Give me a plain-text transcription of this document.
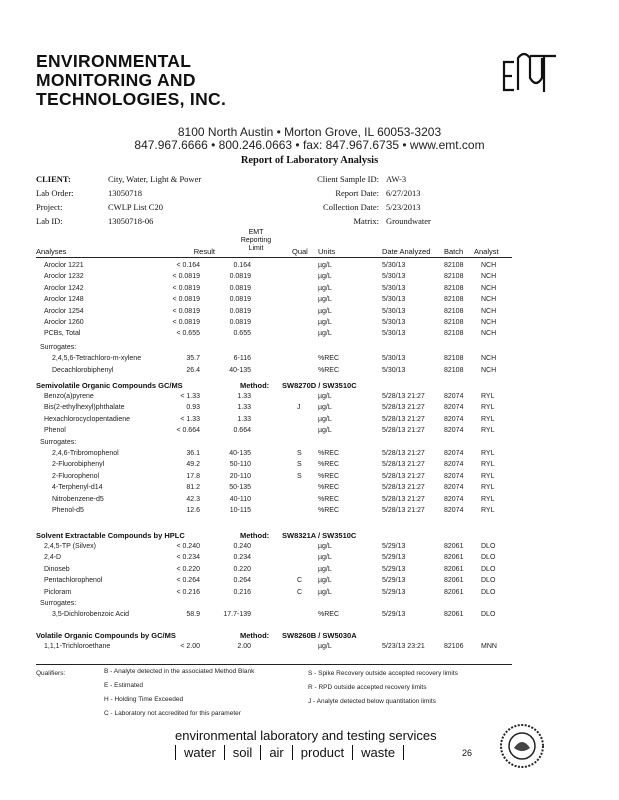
ENVIRONMENTAL
MONITORING AND
TECHNOLOGIES, INC.
8100 North Austin • Morton Grove, IL 60053-3203
847.967.6666 • 800.246.0663 • fax: 847.967.6735 • www.emt.com
Report of Laboratory Analysis
CLIENT:	City, Water, Light & Power
Lab Order:	13050718
Project:	CWLP List C20
Lab ID:	13050718-06
Client Sample ID: AW-3
Report Date: 6/27/2013
Collection Date: 5/23/2013
Matrix: Groundwater
Analyses	Result
EMT
Reporting
Limit	Qual Units	Date Analyzed Batch Analyst
Aroclor 1221	< 0.164	0.164	µg/L	5/30/13	82108	NCH
Aroclor 1232	< 0.0819	0.0819	µg/L	5/30/13	82108	NCH
Aroclor 1242	< 0.0819	0.0819	µg/L	5/30/13	82108	NCH
Aroclor 1248	< 0.0819	0.0819	µg/L	5/30/13	82108	NCH
Aroclor 1254	< 0.0819	0.0819	µg/L	5/30/13	82108	NCH
Aroclor 1260	< 0.0819	0.0819	µg/L	5/30/13	82108	NCH
PCBs, Total	< 0.655	0.655	µg/L	5/30/13	82108	NCH
Surrogates:
2,4,5,6-Tetrachloro-m-xylene	35.7	6-116	%REC	5/30/13	82108	NCH
Decachlorobiphenyl	26.4	40-135	%REC	5/30/13	82108	NCH
Semivolatile Organic Compounds GC/MS	Method: SW8270D / SW3510C
Benzo(a)pyrene	< 1.33	1.33	µg/L	5/28/13 21:27	82074	RYL
Bis(2-ethylhexyl)phthalate	0.93	1.33	J	µg/L	5/28/13 21:27	82074	RYL
Hexachlorocyclopentadiene	< 1.33	1.33	µg/L	5/28/13 21:27	82074	RYL
Phenol	< 0.664	0.664	µg/L	5/28/13 21:27	82074	RYL
Surrogates:
2,4,6-Tribromophenol	36.1	40-135	S %REC	5/28/13 21:27	82074	RYL
2-Fluorobiphenyl	49.2	50-110	S %REC	5/28/13 21:27	82074	RYL
2-Fluorophenol	17.8	20-110	S %REC	5/28/13 21:27	82074	RYL
4-Terphenyl-d14	81.2	50-135	%REC	5/28/13 21:27	82074	RYL
Nitrobenzene-d5	42.3	40-110	%REC	5/28/13 21:27	82074	RYL
Phenol-d5	12.6	10-115	%REC	5/28/13 21:27	82074	RYL
Solvent Extractable Compounds by HPLC	Method: SW8321A / SW3510C
2,4,5-TP (Silvex)	< 0.240	0.240	µg/L	5/29/13	82061	DLO
2,4-D	< 0.234	0.234	µg/L	5/29/13	82061	DLO
Dinoseb	< 0.220	0.220	µg/L	5/29/13	82061	DLO
Pentachlorophenol	< 0.264	0.264	C µg/L	5/29/13	82061	DLO
Picloram	< 0.216	0.216	C µg/L	5/29/13	82061	DLO
Surrogates:
3,5-Dichlorobenzoic Acid	58.9	17.7-139	%REC	5/29/13	82061	DLO
Volatile Organic Compounds by GC/MS	Method: SW8260B / SW5030A
1,1,1-Trichloroethane	< 2.00	2.00	µg/L	5/23/13 23:21	82106	MNN
Qualifiers:	B - Analyte detected in the associated Method Blank
E - Estimated
H - Holding Time Exceeded
C - Laboratory not accredited for this parameter
S - Spike Recovery outside accepted recovery limits
R - RPD outside accepted recovery limits
J - Analyte detected below quantitation limits
environmental laboratory and testing services
water soil air product waste	26
